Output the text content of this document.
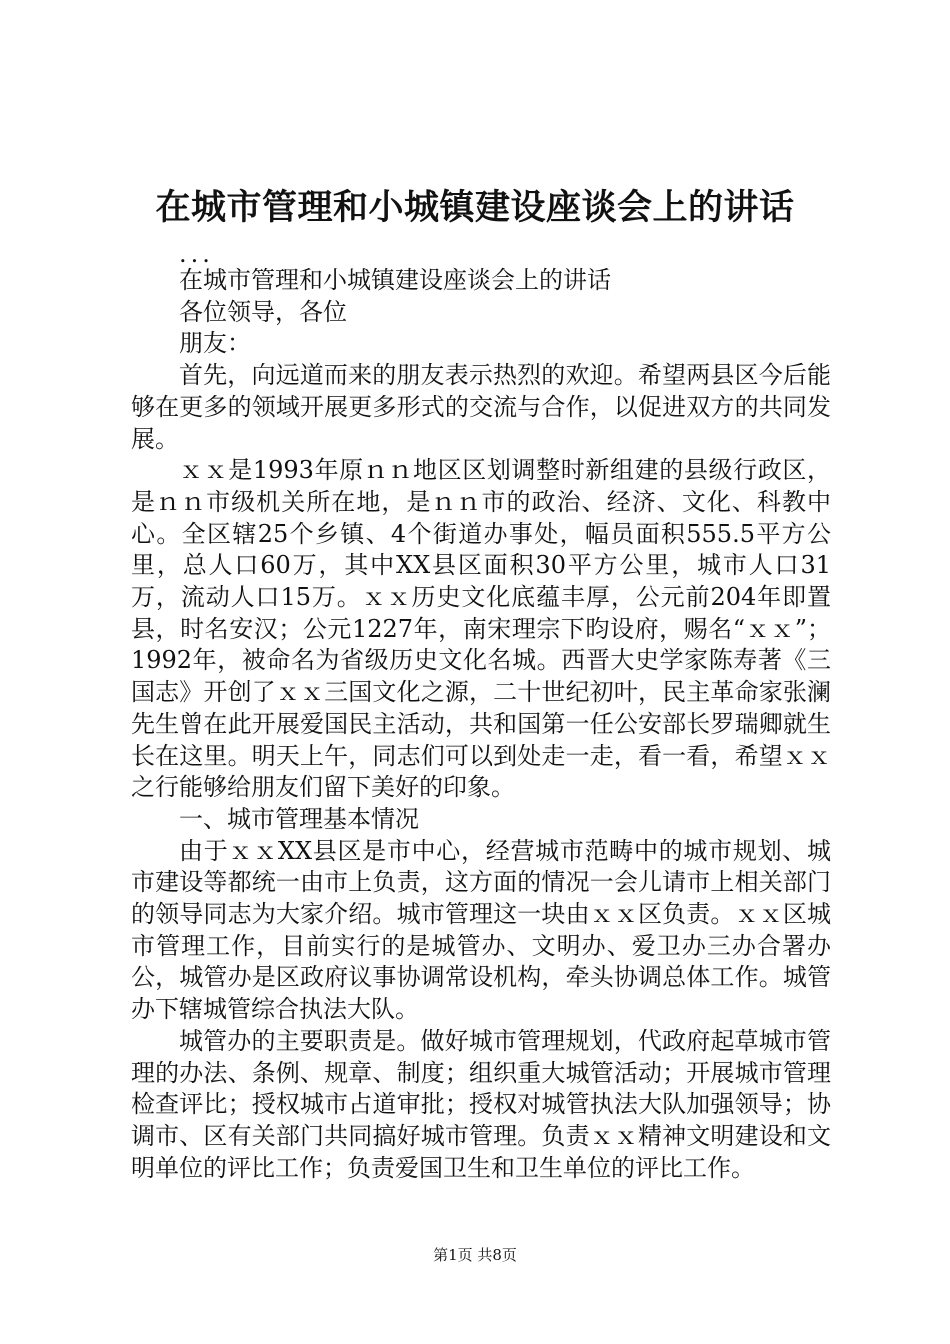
在城市管理和小城镇建设座谈会上的讲话

...

在城市管理和小城镇建设座谈会上的讲话

各位领导，各位

朋友：

首先，向远道而来的朋友表示热烈的欢迎。希望两县区今后能够在更多的领域开展更多形式的交流与合作，以促进双方的共同发展。

ｘｘ是1993年原ｎｎ地区区划调整时新组建的县级行政区，是ｎｎ市级机关所在地，是ｎｎ市的政治、经济、文化、科教中心。全区辖25个乡镇、4个街道办事处，幅员面积555.5平方公里，总人口60万，其中XX县区面积30平方公里，城市人口31万，流动人口15万。ｘｘ历史文化底蕴丰厚，公元前204年即置县，时名安汉；公元1227年，南宋理宗下昀设府，赐名“ｘｘ”；1992年，被命名为省级历史文化名城。西晋大史学家陈寿著《三国志》开创了ｘｘ三国文化之源，二十世纪初叶，民主革命家张澜先生曾在此开展爱国民主活动，共和国第一任公安部长罗瑞卿就生长在这里。明天上午，同志们可以到处走一走，看一看，希望ｘｘ之行能够给朋友们留下美好的印象。

一、城市管理基本情况

由于ｘｘXX县区是市中心，经营城市范畴中的城市规划、城市建设等都统一由市上负责，这方面的情况一会儿请市上相关部门的领导同志为大家介绍。城市管理这一块由ｘｘ区负责。ｘｘ区城市管理工作，目前实行的是城管办、文明办、爱卫办三办合署办公，城管办是区政府议事协调常设机构，牵头协调总体工作。城管办下辖城管综合执法大队。

城管办的主要职责是。做好城市管理规划，代政府起草城市管理的办法、条例、规章、制度；组织重大城管活动；开展城市管理检查评比；授权城市占道审批；授权对城管执法大队加强领导；协调市、区有关部门共同搞好城市管理。负责ｘｘ精神文明建设和文明单位的评比工作；负责爱国卫生和卫生单位的评比工作。

第1页 共8页
